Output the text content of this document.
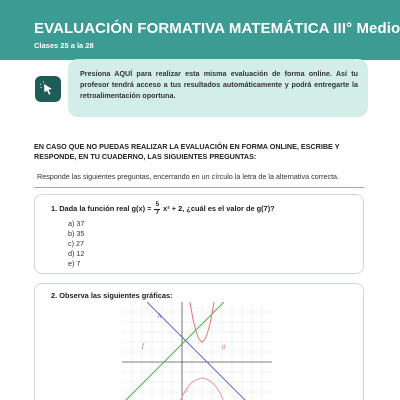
EVALUACIÓN FORMATIVA MATEMÁTICA III° Medio
Clases 25 a la 28
Presiona AQUÍ para realizar esta misma evaluación de forma online. Así tu profesor tendrá acceso a tus resultados automáticamente y podrá entregarte la retroalimentación oportuna.
EN CASO QUE NO PUEDAS REALIZAR LA EVALUACIÓN EN FORMA ONLINE, ESCRIBE Y RESPONDE, EN TU CUADERNO, LAS SIGUIENTES PREGUNTAS:
Responde las siguientes preguntas, encerrando en un círculo la letra de la alternativa correcta.
1. Dada la función real $g(x) = \frac{5}{7} x^2 + 2$, ¿cuál es el valor de g(7)?
a) 37
b) 35
c) 27
d) 12
e) 7
2. Observa las siguientes gráficas:
f
h
g
p
